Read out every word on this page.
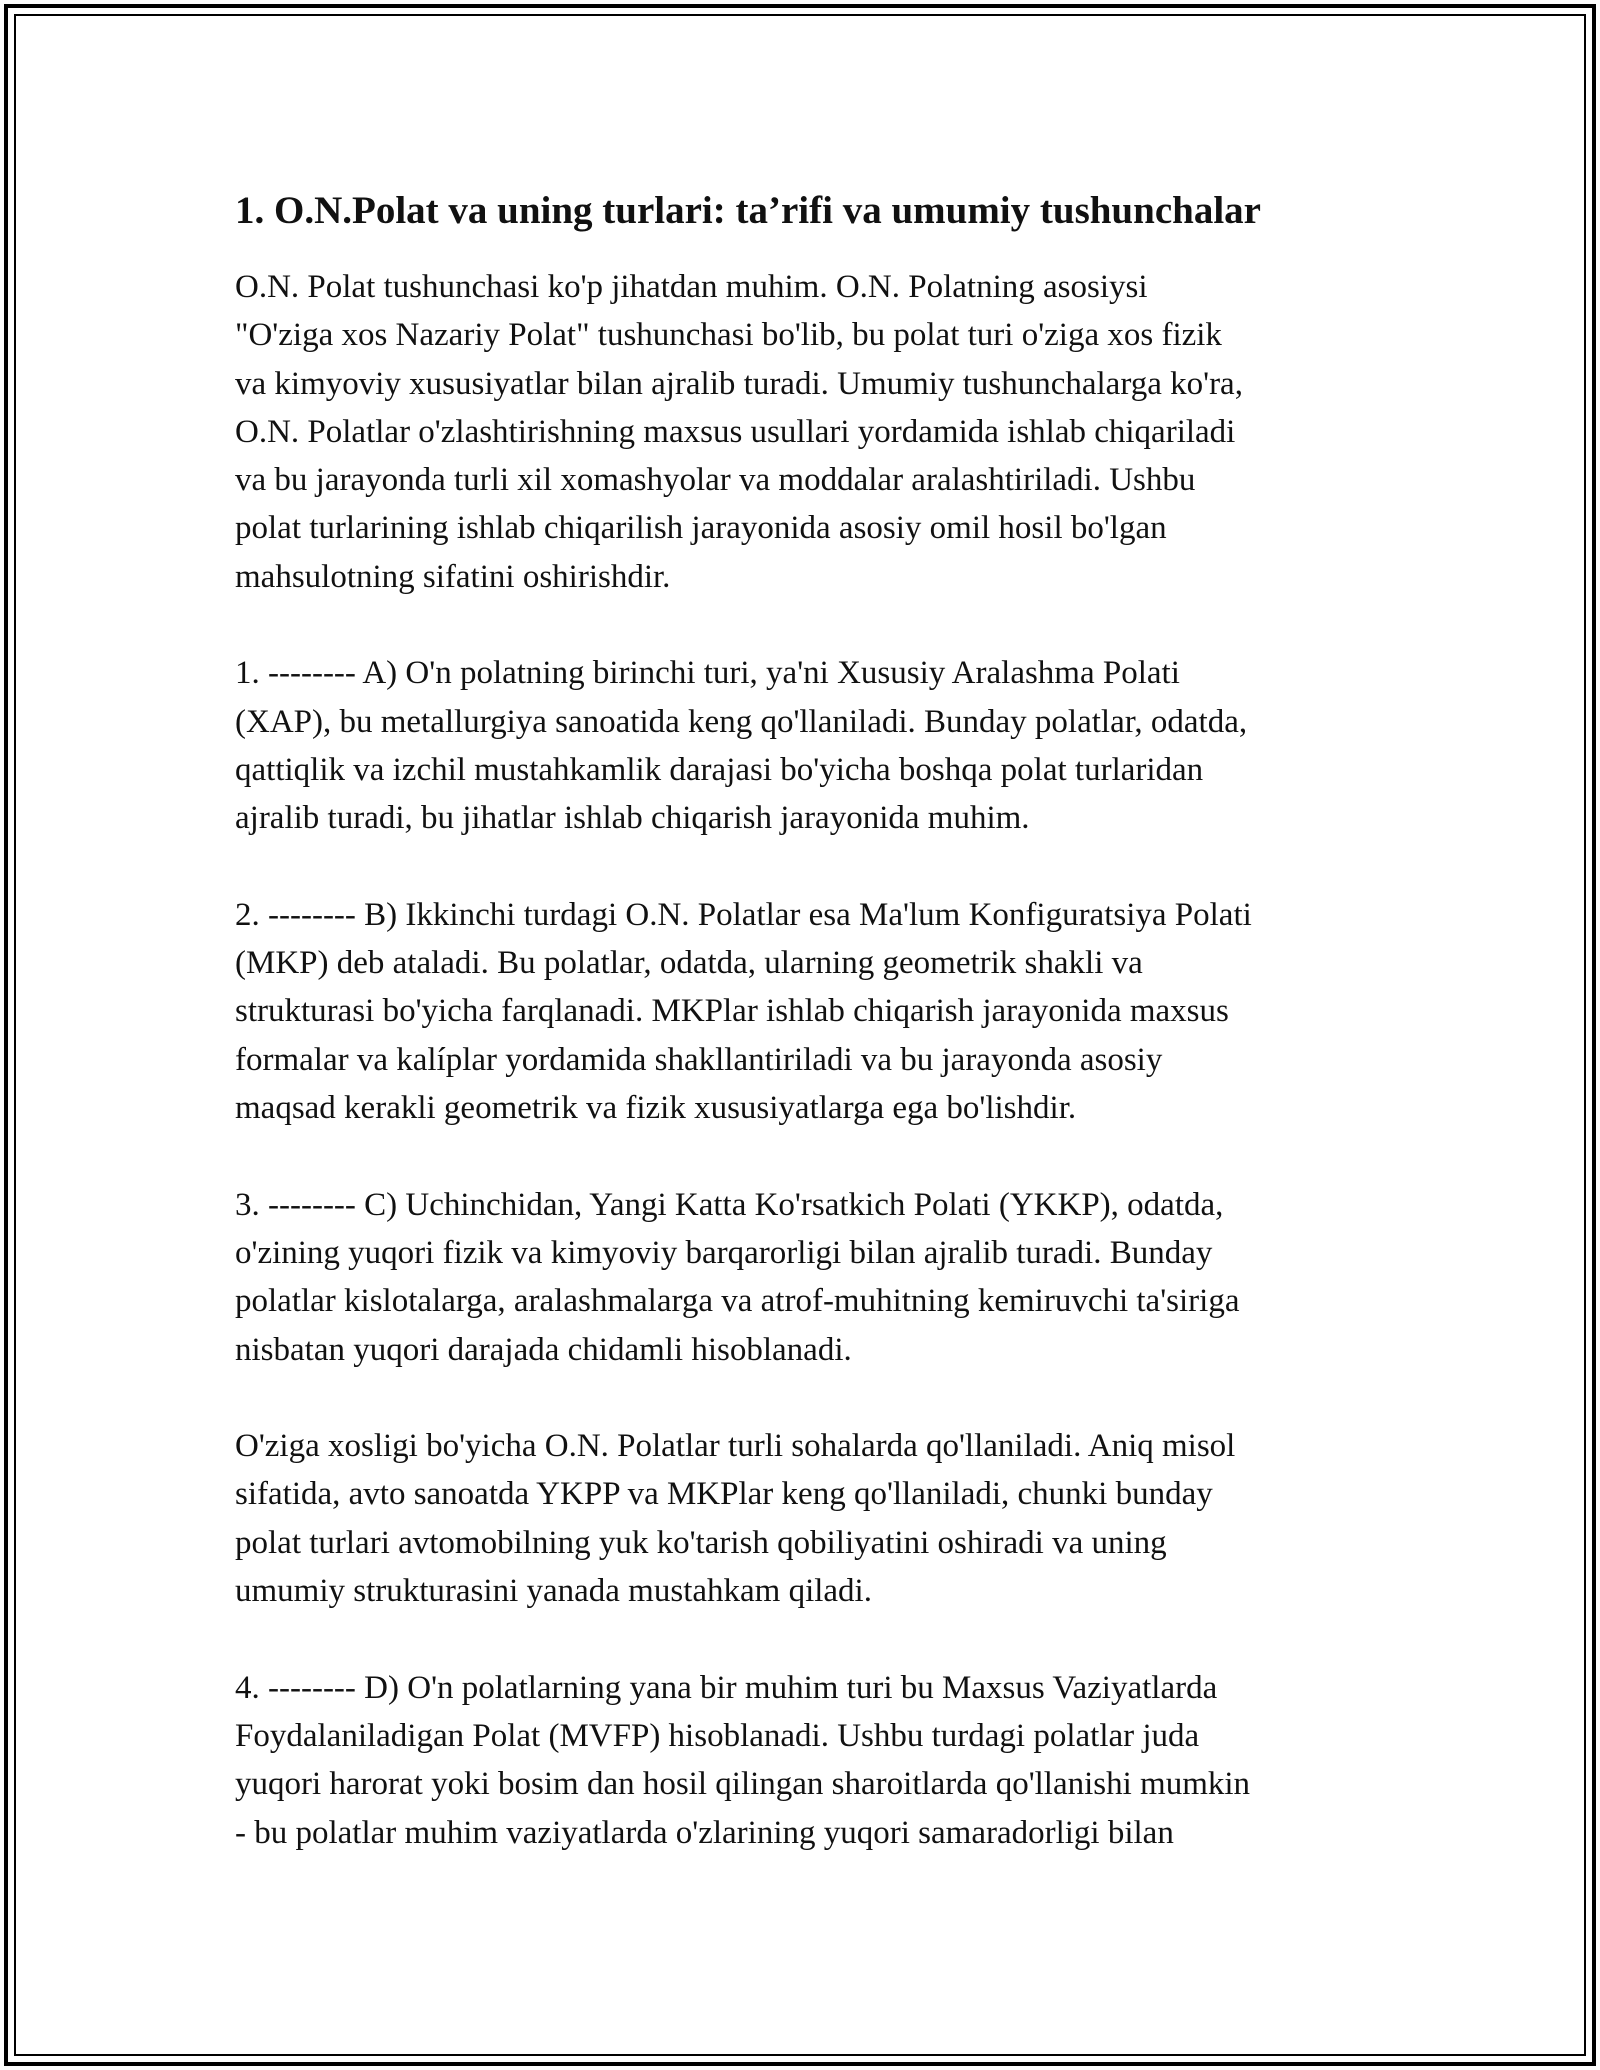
1. O.N.Polat va uning turlari: ta’rifi va umumiy tushunchalar

O.N. Polat tushunchasi ko'p jihatdan muhim. O.N. Polatning asosiysi
"O'ziga xos Nazariy Polat" tushunchasi bo'lib, bu polat turi o'ziga xos fizik
va kimyoviy xususiyatlar bilan ajralib turadi. Umumiy tushunchalarga ko'ra,
O.N. Polatlar o'zlashtirishning maxsus usullari yordamida ishlab chiqariladi
va bu jarayonda turli xil xomashyolar va moddalar aralashtiriladi. Ushbu
polat turlarining ishlab chiqarilish jarayonida asosiy omil hosil bo'lgan
mahsulotning sifatini oshirishdir.

1. -------- A) O'n polatning birinchi turi, ya'ni Xususiy Aralashma Polati
(XAP), bu metallurgiya sanoatida keng qo'llaniladi. Bunday polatlar, odatda,
qattiqlik va izchil mustahkamlik darajasi bo'yicha boshqa polat turlaridan
ajralib turadi, bu jihatlar ishlab chiqarish jarayonida muhim.

2. -------- B) Ikkinchi turdagi O.N. Polatlar esa Ma'lum Konfiguratsiya Polati
(MKP) deb ataladi. Bu polatlar, odatda, ularning geometrik shakli va
strukturasi bo'yicha farqlanadi. MKPlar ishlab chiqarish jarayonida maxsus
formalar va kalíplar yordamida shakllantiriladi va bu jarayonda asosiy
maqsad kerakli geometrik va fizik xususiyatlarga ega bo'lishdir.

3. -------- C) Uchinchidan, Yangi Katta Ko'rsatkich Polati (YKKP), odatda,
o'zining yuqori fizik va kimyoviy barqarorligi bilan ajralib turadi. Bunday
polatlar kislotalarga, aralashmalarga va atrof-muhitning kemiruvchi ta'siriga
nisbatan yuqori darajada chidamli hisoblanadi.

O'ziga xosligi bo'yicha O.N. Polatlar turli sohalarda qo'llaniladi. Aniq misol
sifatida, avto sanoatda YKPP va MKPlar keng qo'llaniladi, chunki bunday
polat turlari avtomobilning yuk ko'tarish qobiliyatini oshiradi va uning
umumiy strukturasini yanada mustahkam qiladi.

4. -------- D) O'n polatlarning yana bir muhim turi bu Maxsus Vaziyatlarda
Foydalaniladigan Polat (MVFP) hisoblanadi. Ushbu turdagi polatlar juda
yuqori harorat yoki bosim dan hosil qilingan sharoitlarda qo'llanishi mumkin
- bu polatlar muhim vaziyatlarda o'zlarining yuqori samaradorligi bilan
